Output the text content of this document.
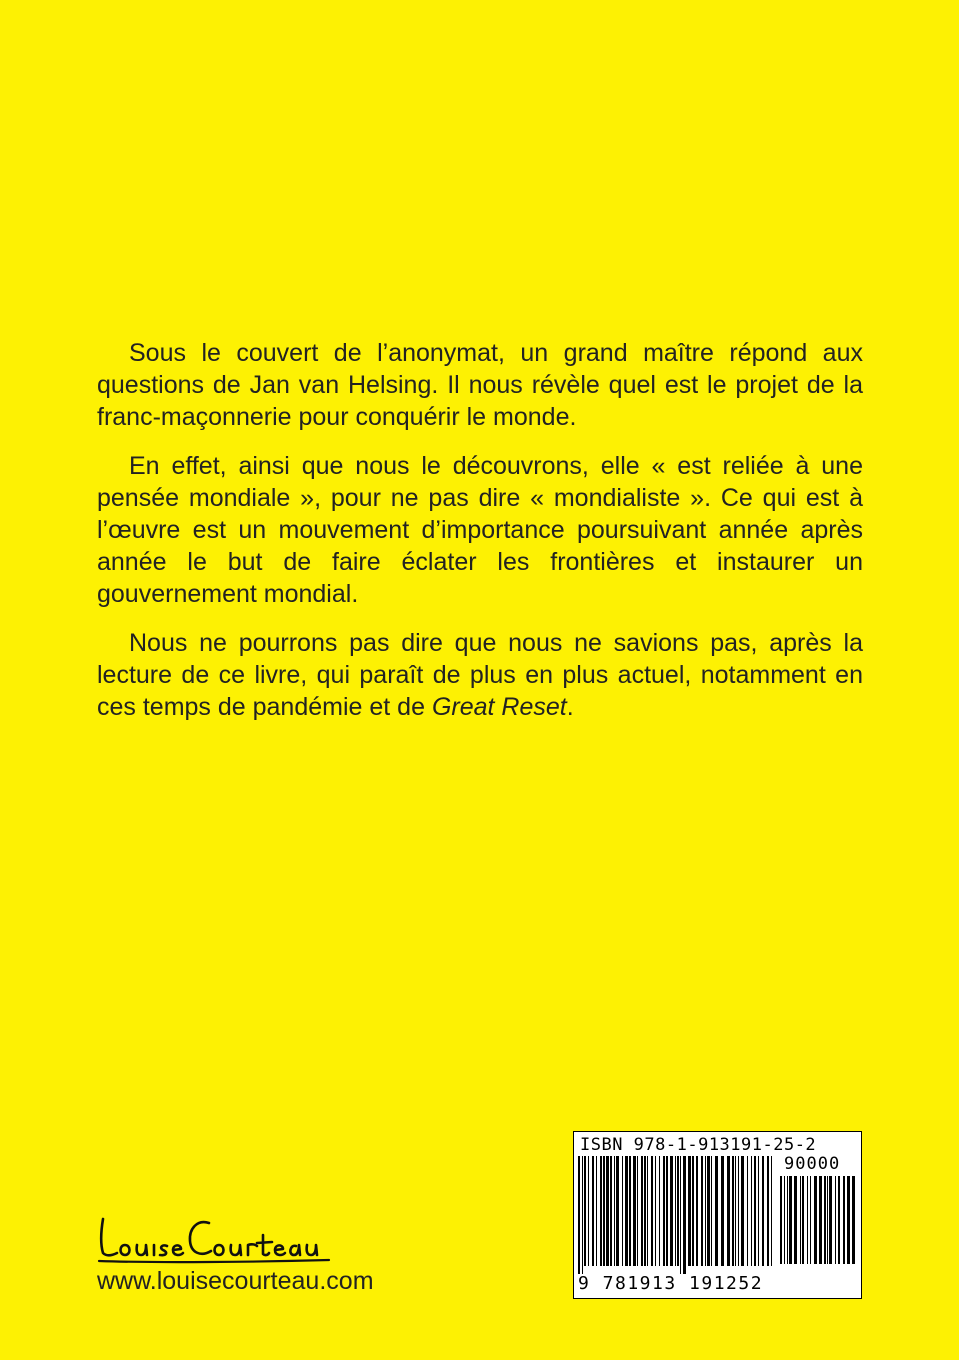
Sous le couvert de l’anonymat, un grand maître répond aux questions de Jan van Helsing. Il nous révèle quel est le projet de la franc-maçonnerie pour conquérir le monde.

En effet, ainsi que nous le découvrons, elle « est reliée à une pensée mondiale », pour ne pas dire « mondialiste ». Ce qui est à l’œuvre est un mouvement d’importance poursuivant année après année le but de faire éclater les frontières et instaurer un gouvernement mondial.

Nous ne pourrons pas dire que nous ne savions pas, après la lecture de ce livre, qui paraît de plus en plus actuel, notamment en ces temps de pandémie et de Great Reset.

www.louisecourteau.com
ISBN 978-1-913191-25-2
90000
9 781913 191252
